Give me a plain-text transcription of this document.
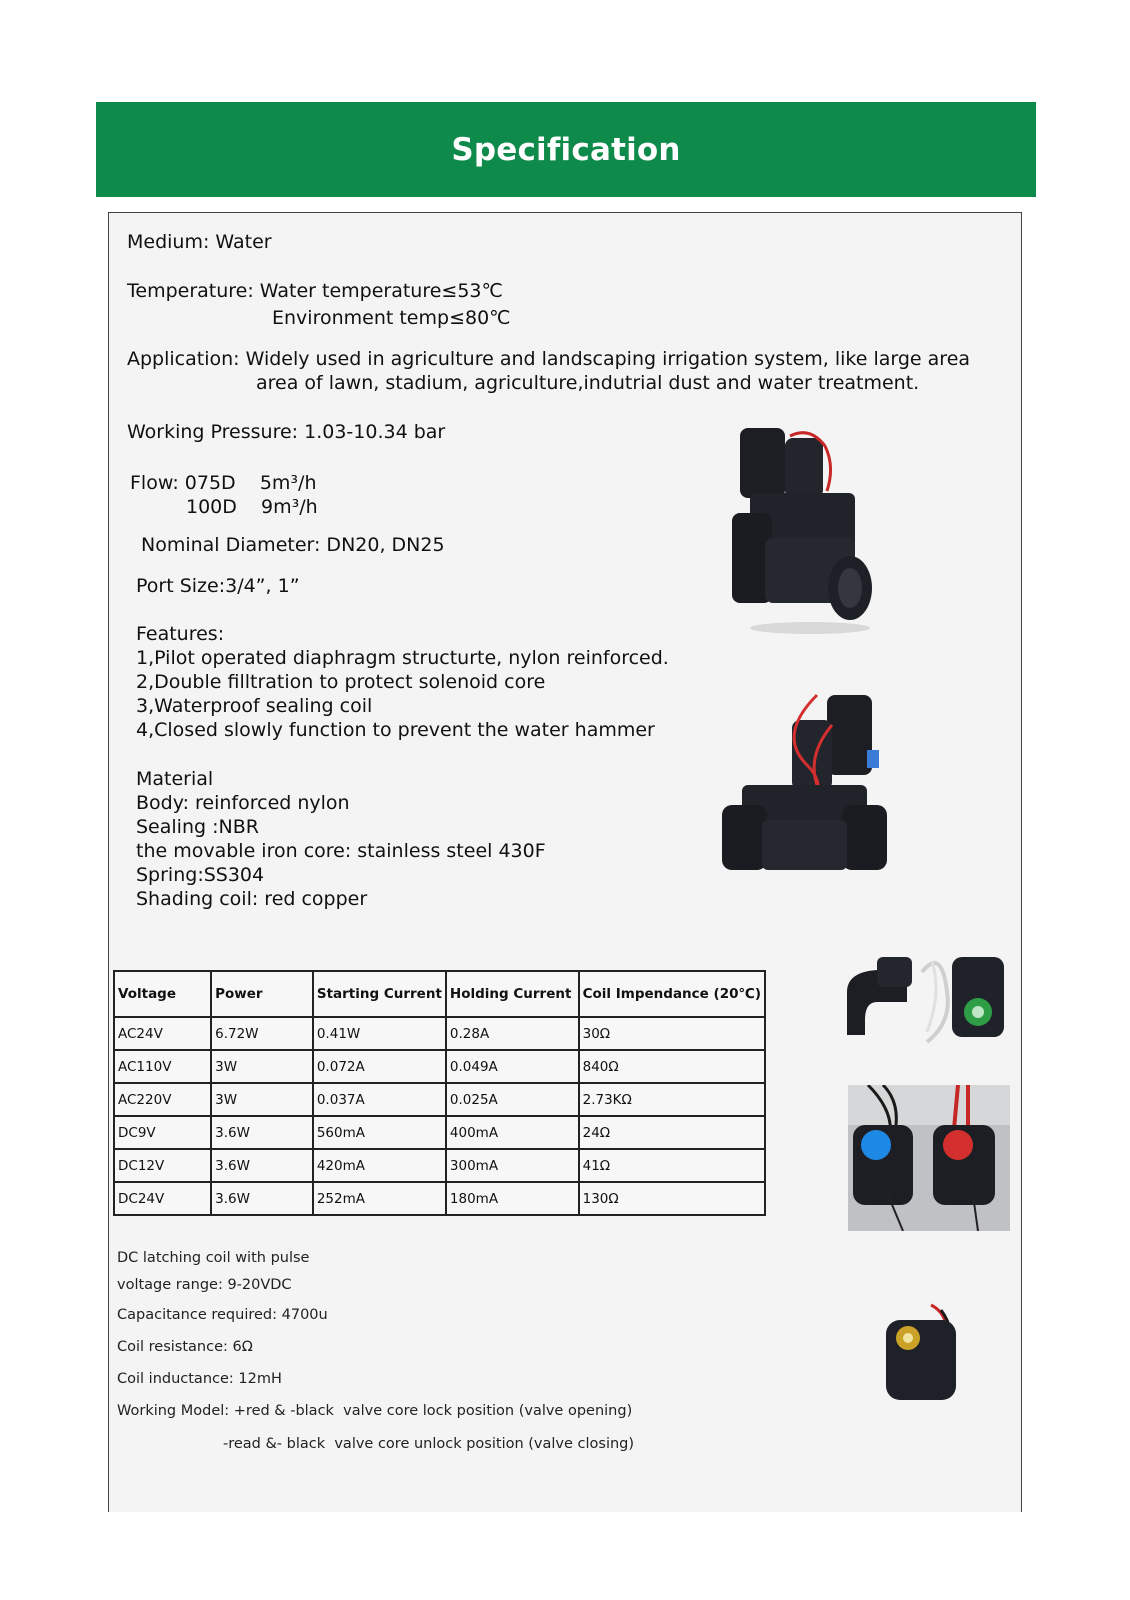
Specification
Medium: Water
Temperature: Water temperature≤53℃
Environment temp≤80℃
Application: Widely used in agriculture and landscaping irrigation system, like large area
area of lawn, stadium, agriculture,indutrial dust and water treatment.
Working Pressure: 1.03-10.34 bar
Flow: 075D    5m³/h
100D    9m³/h
Nominal Diameter: DN20, DN25
Port Size:3/4”, 1”
Features:
1,Pilot operated diaphragm structurte, nylon reinforced.
2,Double filltration to protect solenoid core
3,Waterproof sealing coil
4,Closed slowly function to prevent the water hammer
Material
Body: reinforced nylon
Sealing :NBR
the movable iron core: stainless steel 430F
Spring:SS304
Shading coil: red copper
Voltage	Power	Starting Current	Holding Current	Coil Impendance (20℃)
AC24V	6.72W	0.41W	0.28A	30Ω
AC110V	3W	0.072A	0.049A	840Ω
AC220V	3W	0.037A	0.025A	2.73KΩ
DC9V	3.6W	560mA	400mA	24Ω
DC12V	3.6W	420mA	300mA	41Ω
DC24V	3.6W	252mA	180mA	130Ω
DC latching coil with pulse
voltage range: 9-20VDC
Capacitance required: 4700u
Coil resistance: 6Ω
Coil inductance: 12mH
Working Model: +red & -black  valve core lock position (valve opening)
-read &- black  valve core unlock position (valve closing)
